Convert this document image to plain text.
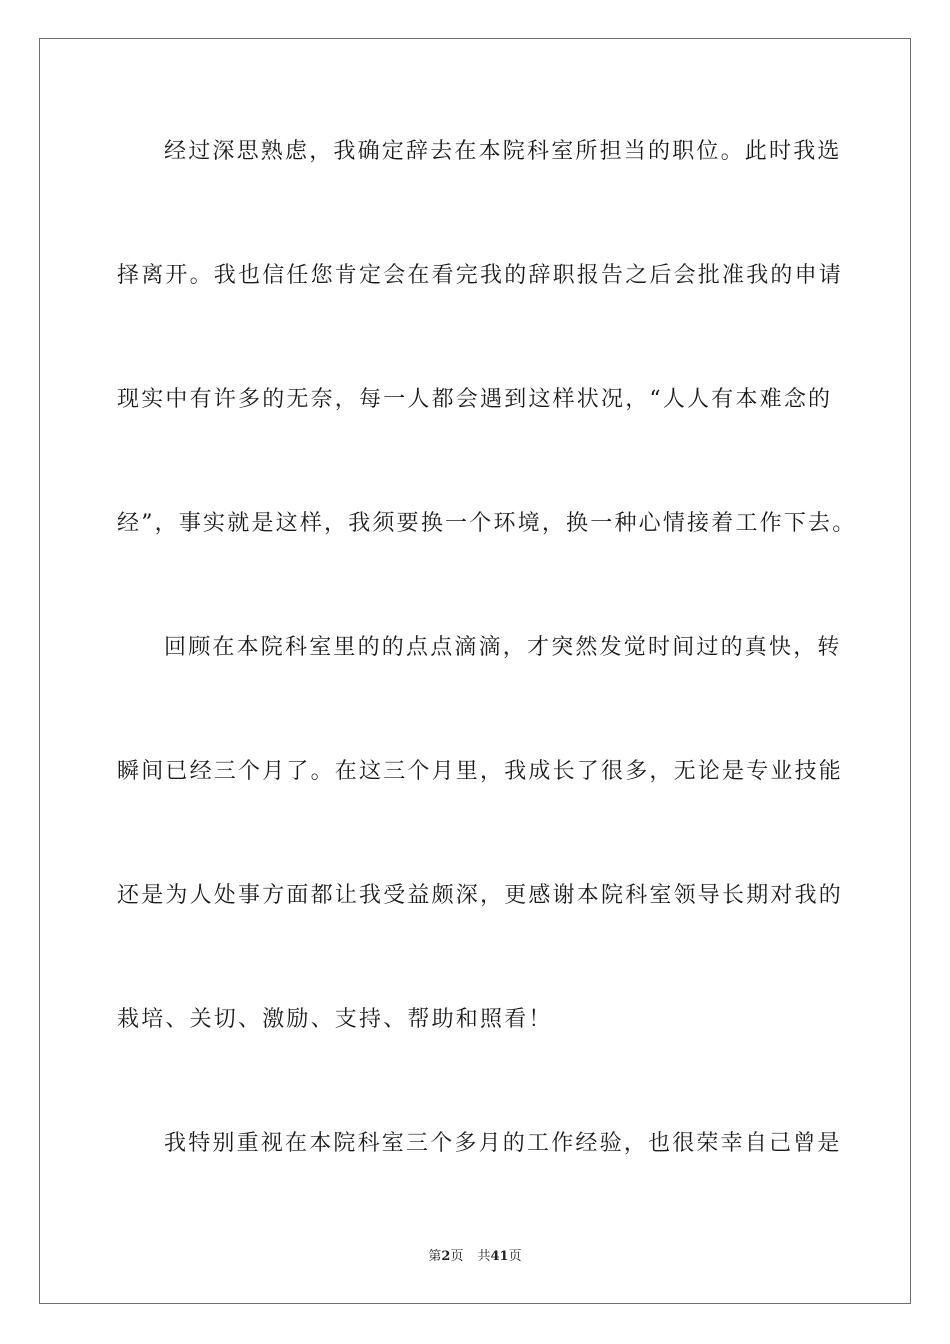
经过深思熟虑，我确定辞去在本院科室所担当的职位。此时我选
择离开。我也信任您肯定会在看完我的辞职报告之后会批准我的申请
现实中有许多的无奈，每一人都会遇到这样状况，“人人有本难念的
经”，事实就是这样，我须要换一个环境，换一种心情接着工作下去。
回顾在本院科室里的的点点滴滴，才突然发觉时间过的真快，转
瞬间已经三个月了。在这三个月里，我成长了很多，无论是专业技能
还是为人处事方面都让我受益颇深，更感谢本院科室领导长期对我的
栽培、关切、激励、支持、帮助和照看！
我特别重视在本院科室三个多月的工作经验，也很荣幸自己曾是
第2页 共41页
